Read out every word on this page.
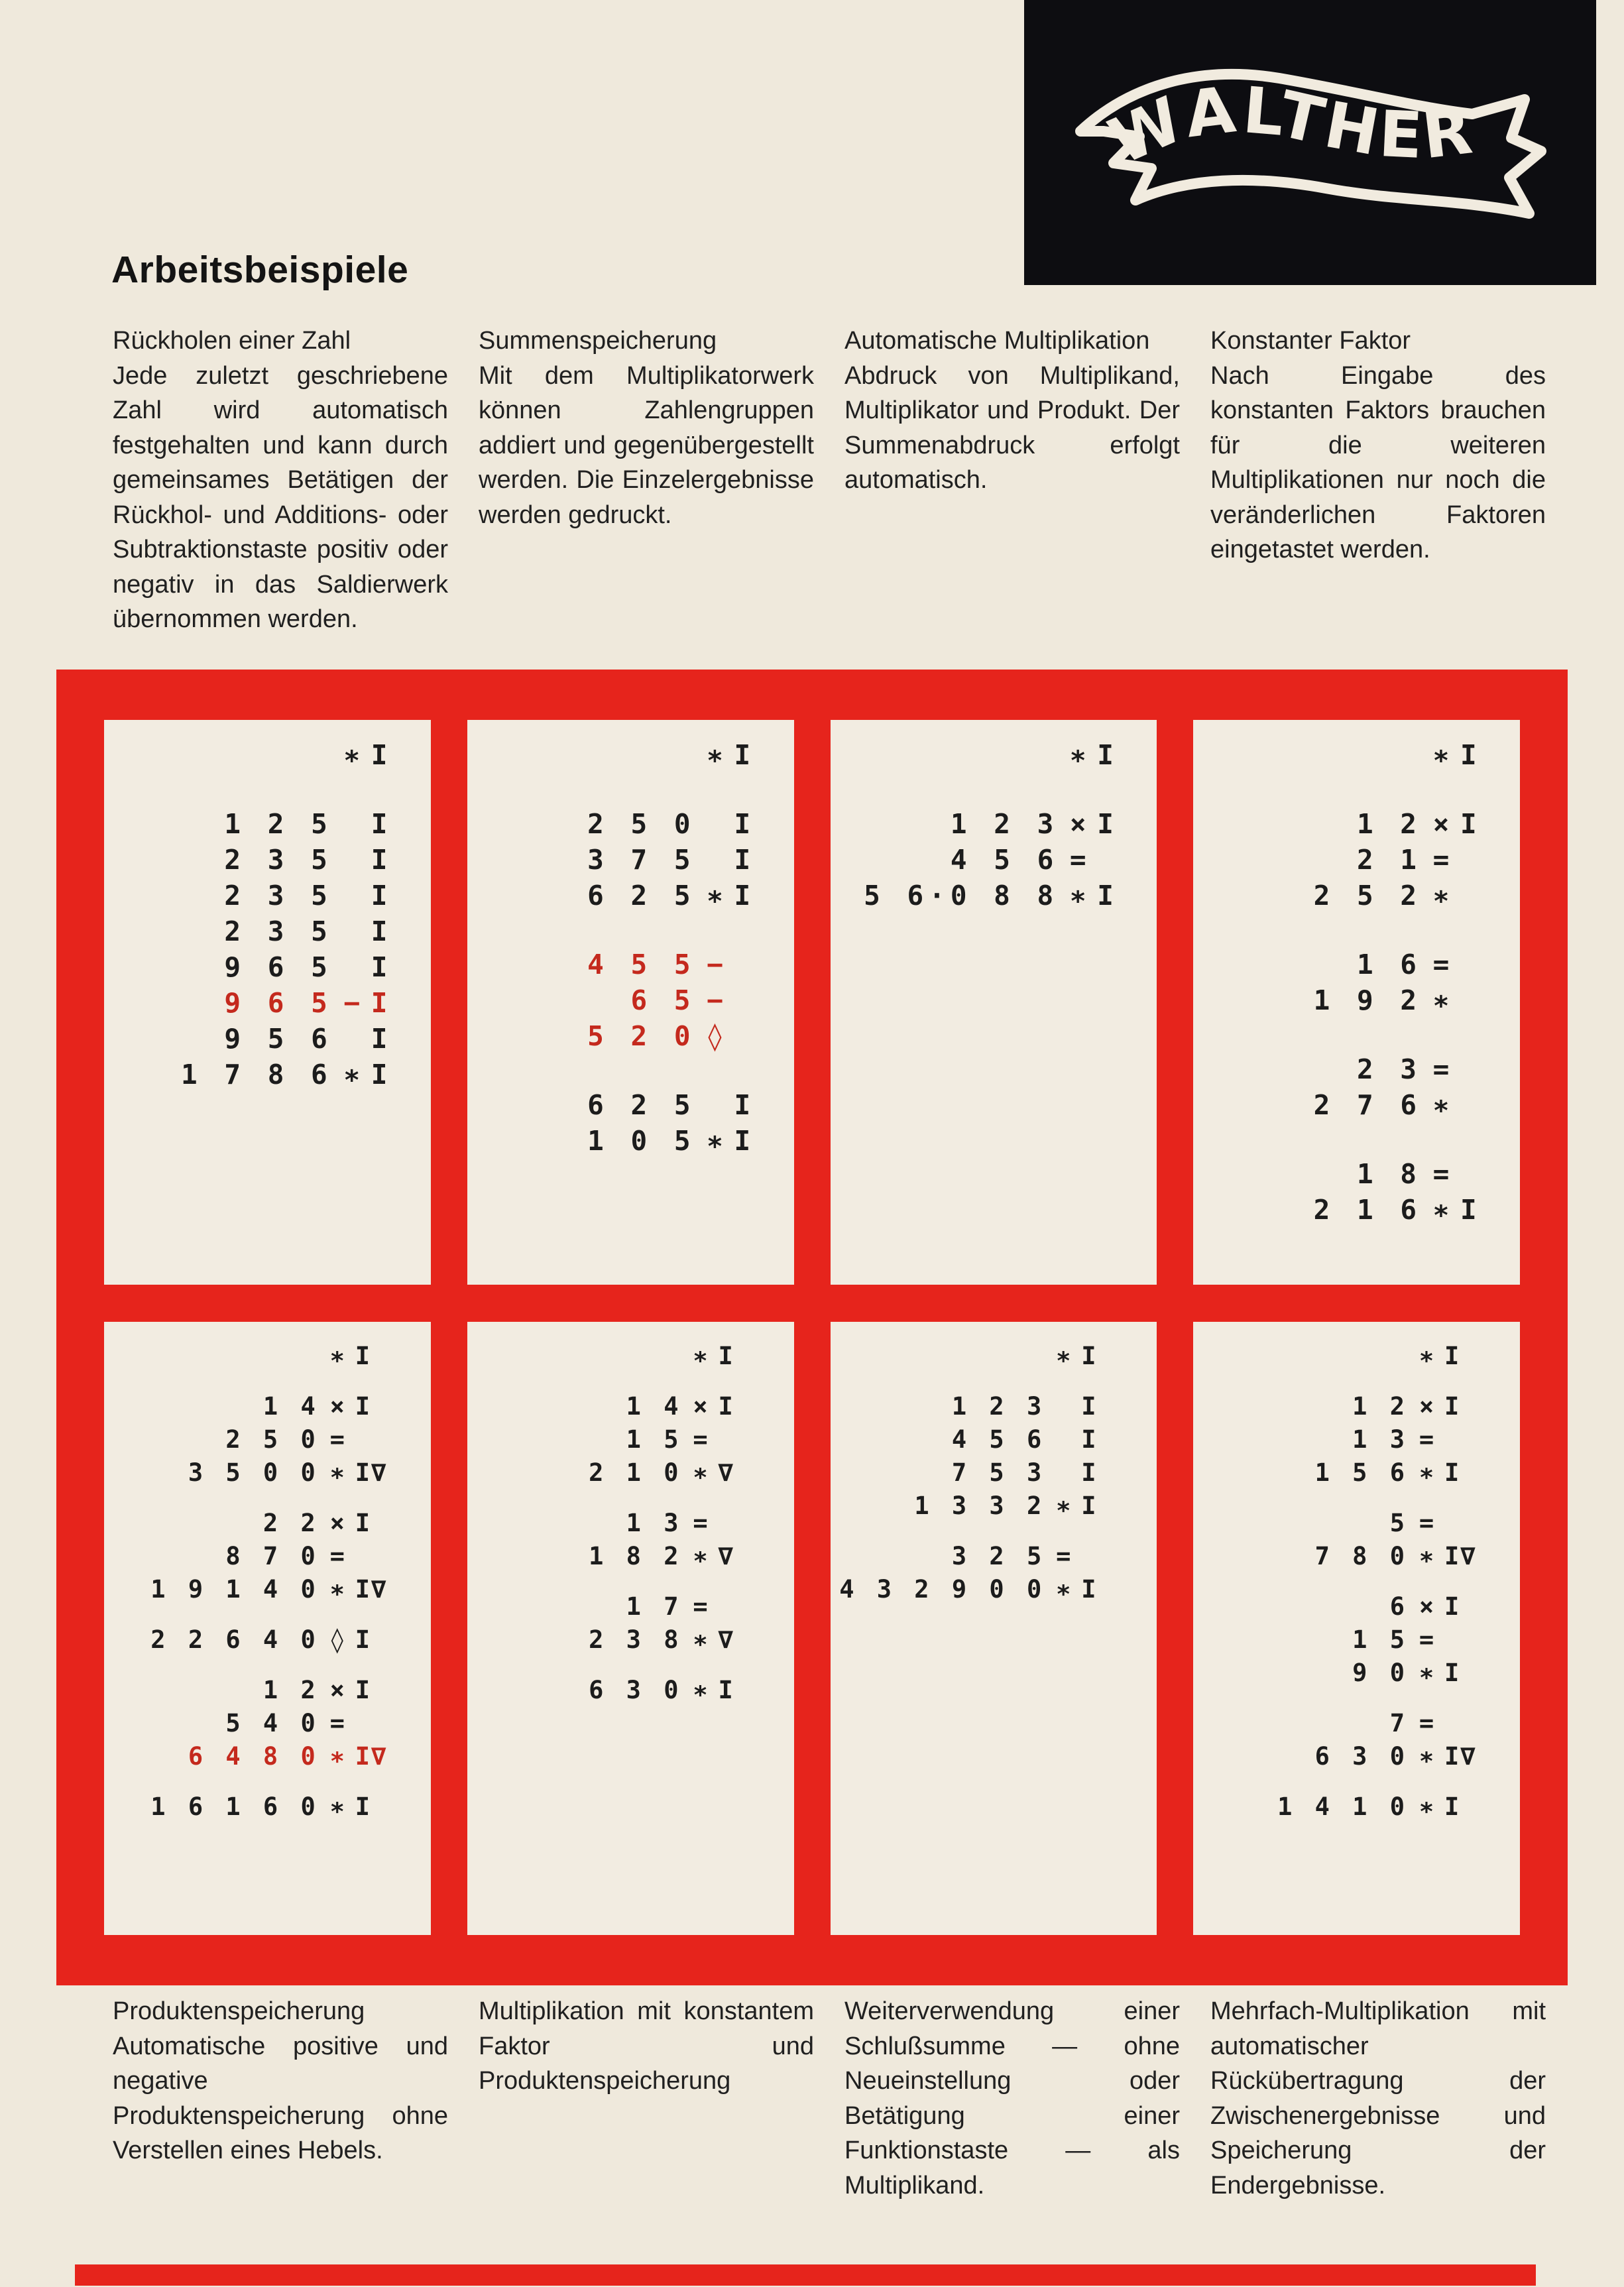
WALTHER
Arbeitsbeispiele
Rückholen einer Zahl
Jede zuletzt geschriebene Zahl wird automatisch festgehalten und kann durch gemeinsames Betätigen der Rückhol- und Additions- oder Subtraktionstaste positiv oder negativ in das Saldierwerk übernommen werden.
Summenspeicherung
Mit dem Multiplikatorwerk können Zahlengruppen addiert und gegenübergestellt werden. Die Einzelergebnisse werden gedruckt.
Automatische Multiplikation
Abdruck von Multiplikand, Multiplikator und Produkt. Der Summenabdruck erfolgt automatisch.
Konstanter Faktor
Nach Eingabe des konstanten Faktors brauchen für die weiteren Multiplikationen nur noch die veränderlichen Faktoren eingetastet werden.
∗ I
1 2 5 I
2 3 5 I
2 3 5 I
2 3 5 I
9 6 5 I
9 6 5 − I
9 5 6 I
1 7 8 6 ∗ I
∗ I
2 5 0 I
3 7 5 I
6 2 5 ∗ I
4 5 5 −
6 5 −
5 2 0 ◊
6 2 5 I
1 0 5 ∗ I
∗ I
1 2 3 × I
4 5 6 =
5 6·0 8 8 ∗ I
∗ I
1 2 × I
2 1 =
2 5 2 ∗
1 6 =
1 9 2 ∗
2 3 =
2 7 6 ∗
1 8 =
2 1 6 ∗ I
∗ I
1 4 × I
2 5 0 =
3 5 0 0 ∗ I∇
2 2 × I
8 7 0 =
1 9 1 4 0 ∗ I∇
2 2 6 4 0 ◊ I
1 2 × I
5 4 0 =
6 4 8 0 ∗ I∇
1 6 1 6 0 ∗ I
∗ I
1 4 × I
1 5 =
2 1 0 ∗ ∇
1 3 =
1 8 2 ∗ ∇
1 7 =
2 3 8 ∗ ∇
6 3 0 ∗ I
∗ I
1 2 3 I
4 5 6 I
7 5 3 I
1 3 3 2 ∗ I
3 2 5 =
4 3 2 9 0 0 ∗ I
∗ I
1 2 × I
1 3 =
1 5 6 ∗ I
5 =
7 8 0 ∗ I∇
6 × I
1 5 =
9 0 ∗ I
7 =
6 3 0 ∗ I∇
1 4 1 0 ∗ I
Produktenspeicherung
Automatische positive und negative Produktenspeicherung ohne Verstellen eines Hebels.
Multiplikation mit konstantem Faktor und Produktenspeicherung
Weiterverwendung einer Schlußsumme — ohne Neueinstellung oder Betätigung einer Funktionstaste — als Multiplikand.
Mehrfach-Multiplikation mit automatischer Rückübertragung der Zwischenergebnisse und Speicherung der Endergebnisse.
